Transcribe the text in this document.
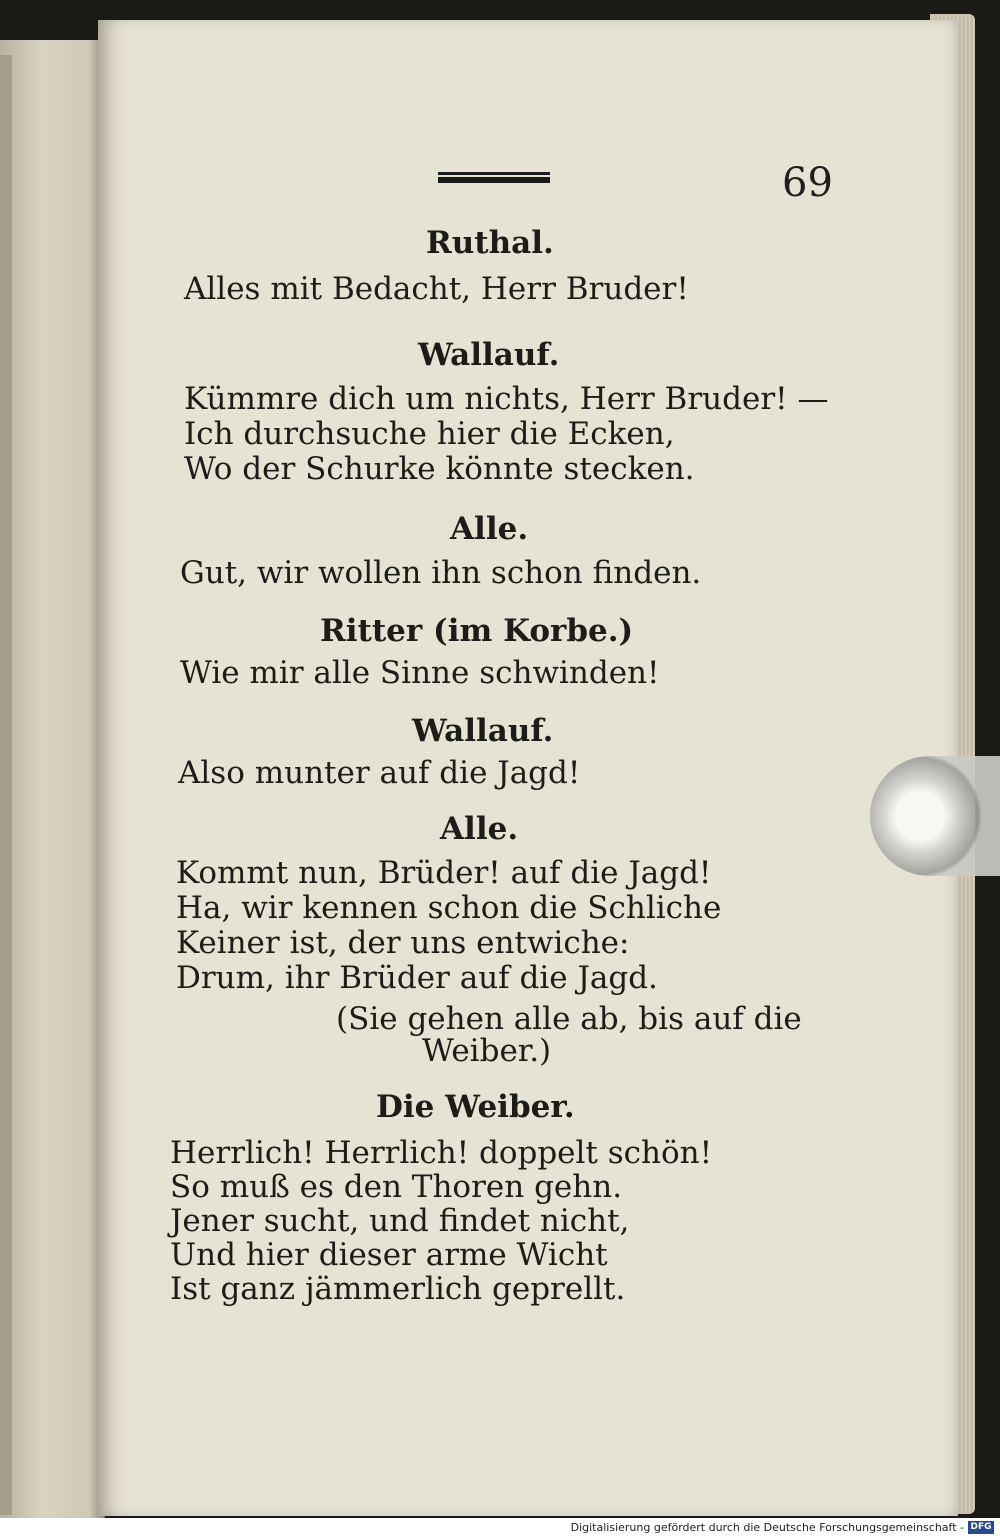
69
Ruthal.
Alles mit Bedacht, Herr Bruder!
Wallauf.
Kümmre dich um nichts, Herr Bruder! —
Ich durchsuche hier die Ecken,
Wo der Schurke könnte stecken.
Alle.
Gut, wir wollen ihn schon finden.
Ritter (im Korbe.)
Wie mir alle Sinne schwinden!
Wallauf.
Also munter auf die Jagd!
Alle.
Kommt nun, Brüder! auf die Jagd!
Ha, wir kennen schon die Schliche
Keiner ist, der uns entwiche:
Drum, ihr Brüder auf die Jagd.
(Sie gehen alle ab, bis auf die
Weiber.)
Die Weiber.
Herrlich! Herrlich! doppelt schön!
So muß es den Thoren gehn.
Jener sucht, und findet nicht,
Und hier dieser arme Wicht
Ist ganz jämmerlich geprellt.
Digitalisierung gefördert durch die Deutsche Forschungsgemeinschaft - DFG
